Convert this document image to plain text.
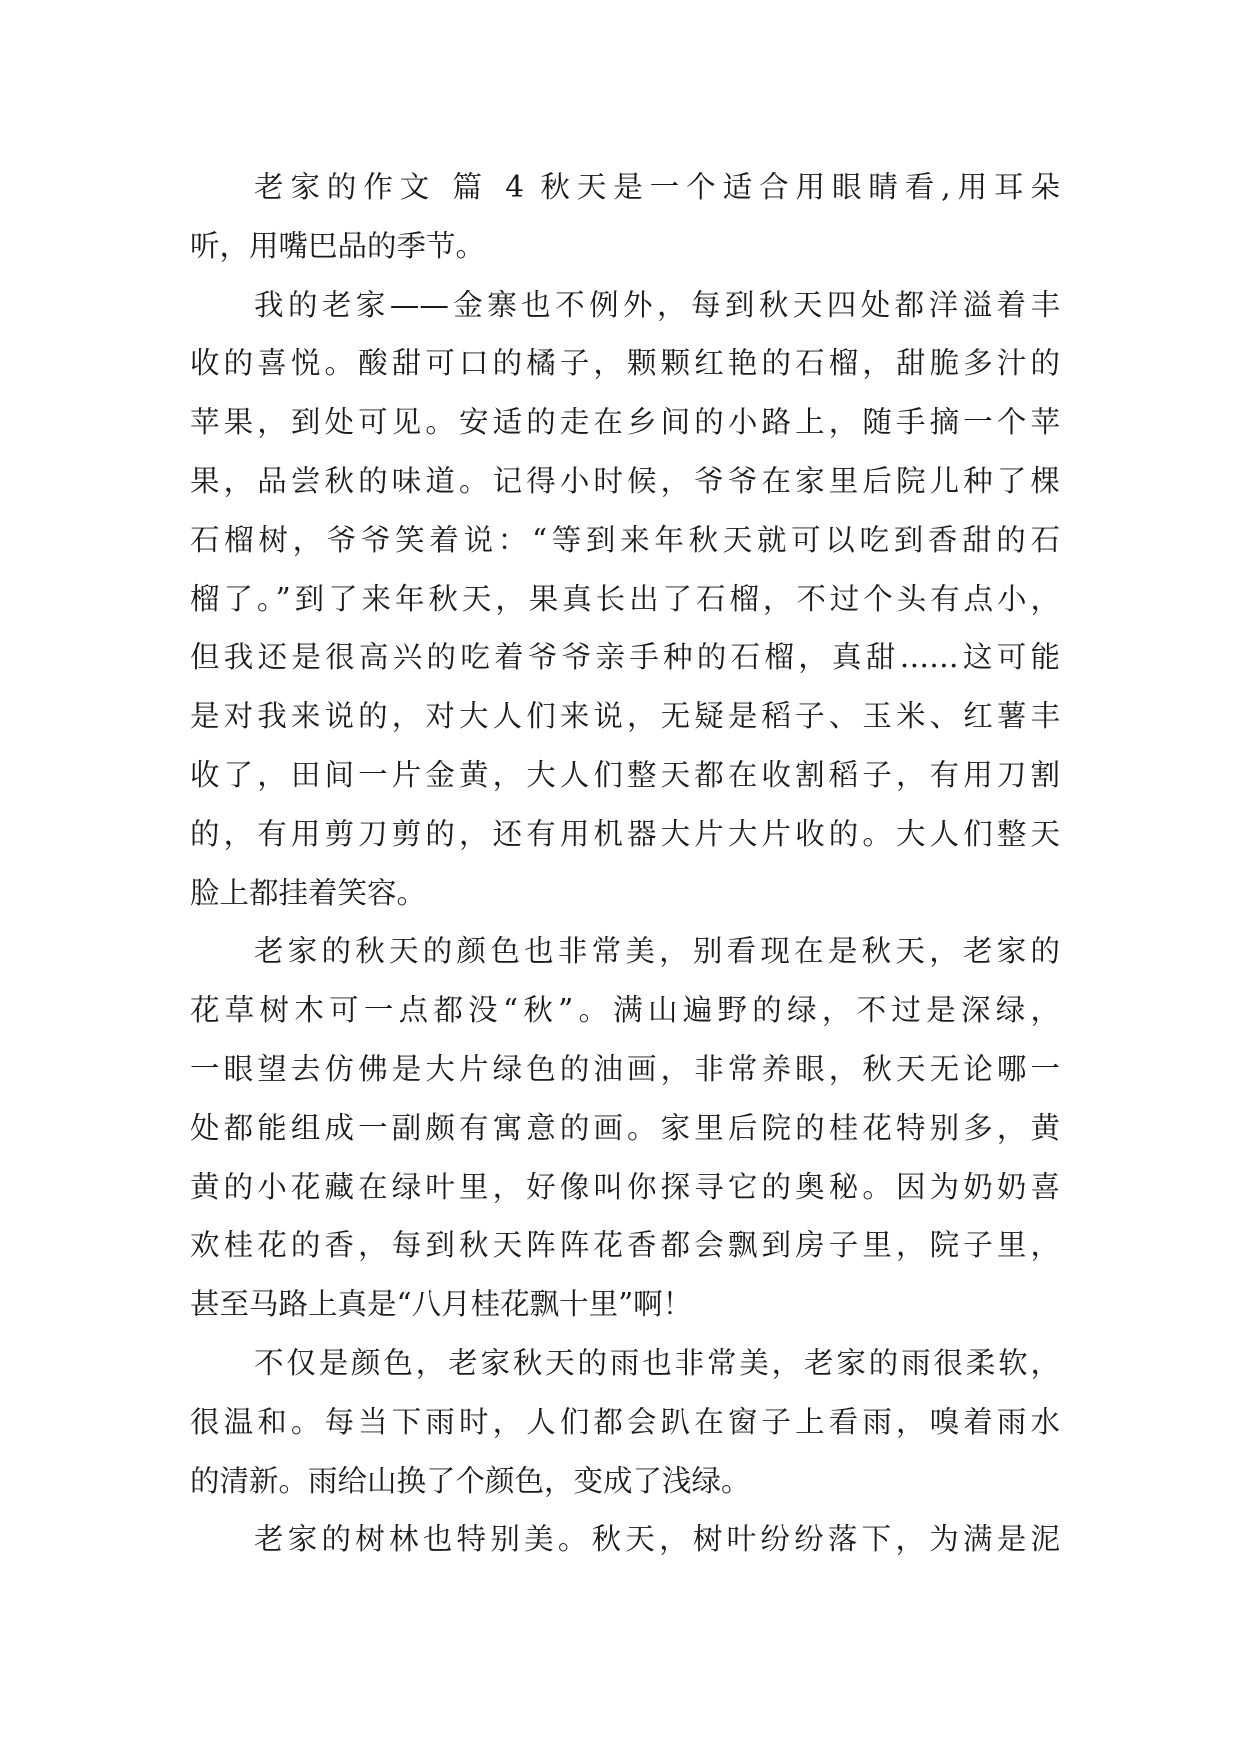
老家的作文 篇 4 秋天是一个适合用眼睛看,用耳朵
听，用嘴巴品的季节。
我的老家——金寨也不例外，每到秋天四处都洋溢着丰
收的喜悦。酸甜可口的橘子，颗颗红艳的石榴，甜脆多汁的
苹果，到处可见。安适的走在乡间的小路上，随手摘一个苹
果，品尝秋的味道。记得小时候，爷爷在家里后院儿种了棵
石榴树，爷爷笑着说：“等到来年秋天就可以吃到香甜的石
榴了。”到了来年秋天，果真长出了石榴，不过个头有点小，
但我还是很高兴的吃着爷爷亲手种的石榴，真甜……这可能
是对我来说的，对大人们来说，无疑是稻子、玉米、红薯丰
收了，田间一片金黄，大人们整天都在收割稻子，有用刀割
的，有用剪刀剪的，还有用机器大片大片收的。大人们整天
脸上都挂着笑容。
老家的秋天的颜色也非常美，别看现在是秋天，老家的
花草树木可一点都没“秋”。满山遍野的绿，不过是深绿，
一眼望去仿佛是大片绿色的油画，非常养眼，秋天无论哪一
处都能组成一副颇有寓意的画。家里后院的桂花特别多，黄
黄的小花藏在绿叶里，好像叫你探寻它的奥秘。因为奶奶喜
欢桂花的香，每到秋天阵阵花香都会飘到房子里，院子里，
甚至马路上真是“八月桂花飘十里”啊！
不仅是颜色，老家秋天的雨也非常美，老家的雨很柔软，
很温和。每当下雨时，人们都会趴在窗子上看雨，嗅着雨水
的清新。雨给山换了个颜色，变成了浅绿。
老家的树林也特别美。秋天，树叶纷纷落下，为满是泥
